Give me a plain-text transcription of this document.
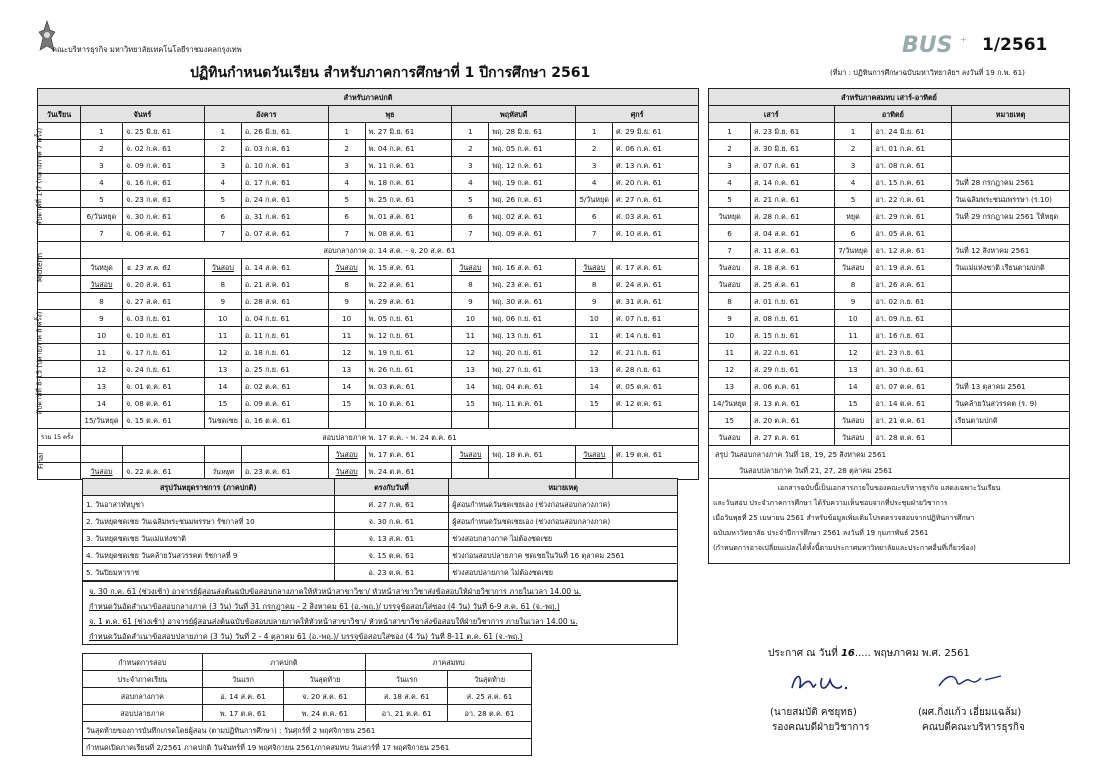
คณะบริหารธุรกิจ มหาวิทยาลัยเทคโนโลยีราชมงคลกรุงเทพ
ปฏิทินกำหนดวันเรียน สำหรับภาคการศึกษาที่ 1 ปีการศึกษา 2561
BUS + 1/2561
(ที่มา : ปฏิทินการศึกษาฉบับมหาวิทยาลัยฯ ลงวันที่ 19 ก.พ. 61)
สำหรับภาคปกติ										
วันเรียน	จันทร์		อังคาร		พุธ		พฤหัสบดี		ศุกร์	
	1	จ. 25 มิ.ย. 61	1	อ. 26 มิ.ย. 61	1	พ. 27 มิ.ย. 61	1	พฤ. 28 มิ.ย. 61	1	ศ. 29 มิ.ย. 61
	2	จ. 02 ก.ค. 61	2	อ. 03 ก.ค. 61	2	พ. 04 ก.ค. 61	2	พฤ. 05 ก.ค. 61	2	ศ. 06 ก.ค. 61
	3	จ. 09 ก.ค. 61	3	อ. 10 ก.ค. 61	3	พ. 11 ก.ค. 61	3	พฤ. 12 ก.ค. 61	3	ศ. 13 ก.ค. 61
	4	จ. 16 ก.ค. 61	4	อ. 17 ก.ค. 61	4	พ. 18 ก.ค. 61	4	พฤ. 19 ก.ค. 61	4	ศ. 20 ก.ค. 61
	5	จ. 23 ก.ค. 61	5	อ. 24 ก.ค. 61	5	พ. 25 ก.ค. 61	5	พฤ. 26 ก.ค. 61	5/วันหยุด	ศ. 27 ก.ค. 61
	6/วันหยุด	จ. 30 ก.ค. 61	6	อ. 31 ก.ค. 61	6	พ. 01 ส.ค. 61	6	พฤ. 02 ส.ค. 61	6	ศ. 03 ส.ค. 61
	7	จ. 06 ส.ค. 61	7	อ. 07 ส.ค. 61	7	พ. 08 ส.ค. 61	7	พฤ. 09 ส.ค. 61	7	ศ. 10 ส.ค. 61
	สอบกลางภาค อ. 14 ส.ค. - จ. 20 ส.ค. 61									
	วันหยุด	จ. 13 ส.ค. 61	วันสอบ	อ. 14 ส.ค. 61	วันสอบ	พ. 15 ส.ค. 61	วันสอบ	พฤ. 16 ส.ค. 61	วันสอบ	ศ. 17 ส.ค. 61
	วันสอบ	จ. 20 ส.ค. 61	8	อ. 21 ส.ค. 61	8	พ. 22 ส.ค. 61	8	พฤ. 23 ส.ค. 61	8	ศ. 24 ส.ค. 61
	8	จ. 27 ส.ค. 61	9	อ. 28 ส.ค. 61	9	พ. 29 ส.ค. 61	9	พฤ. 30 ส.ค. 61	9	ศ. 31 ส.ค. 61
	9	จ. 03 ก.ย. 61	10	อ. 04 ก.ย. 61	10	พ. 05 ก.ย. 61	10	พฤ. 06 ก.ย. 61	10	ศ. 07 ก.ย. 61
	10	จ. 10 ก.ย. 61	11	อ. 11 ก.ย. 61	11	พ. 12 ก.ย. 61	11	พฤ. 13 ก.ย. 61	11	ศ. 14 ก.ย. 61
	11	จ. 17 ก.ย. 61	12	อ. 18 ก.ย. 61	12	พ. 19 ก.ย. 61	12	พฤ. 20 ก.ย. 61	12	ศ. 21 ก.ย. 61
	12	จ. 24 ก.ย. 61	13	อ. 25 ก.ย. 61	13	พ. 26 ก.ย. 61	13	พฤ. 27 ก.ย. 61	13	ศ. 28 ก.ย. 61
	13	จ. 01 ต.ค. 61	14	อ. 02 ต.ค. 61	14	พ. 03 ต.ค. 61	14	พฤ. 04 ต.ค. 61	14	ศ. 05 ต.ค. 61
	14	จ. 08 ต.ค. 61	15	อ. 09 ต.ค. 61	15	พ. 10 ต.ค. 61	15	พฤ. 11 ต.ค. 61	15	ศ. 12 ต.ค. 61
	15/วันหยุด	จ. 15 ต.ค. 61	วันชดเชย	อ. 16 ต.ค. 61						
รวม 15 ครั้ง	สอบปลายภาค พ. 17 ต.ค. - พ. 24 ต.ค. 61									
					วันสอบ	พ. 17 ต.ค. 61	วันสอบ	พฤ. 18 ต.ค. 61	วันสอบ	ศ. 19 ต.ค. 61
	วันสอบ	จ. 22 ต.ค. 61	วันหยุด	อ. 23 ต.ค. 61	วันสอบ	พ. 24 ต.ค. 61				
สัปดาห์ที่ 1-7 (กลางภาค 7 ครั้ง)
Midterm
สัปดาห์ที่ 8-15 (ปลายภาค 8 ครั้ง)
Final
สำหรับภาคสมทบ เสาร์-อาทิตย์				
เสาร์		อาทิตย์		หมายเหตุ
1	ส. 23 มิ.ย. 61	1	อา. 24 มิ.ย. 61	
2	ส. 30 มิ.ย. 61	2	อา. 01 ก.ค. 61	
3	ส. 07 ก.ค. 61	3	อา. 08 ก.ค. 61	
4	ส. 14 ก.ค. 61	4	อา. 15 ก.ค. 61	วันที่ 28 กรกฎาคม 2561
5	ส. 21 ก.ค. 61	5	อา. 22 ก.ค. 61	วันเฉลิมพระชนมพรรษา (ร.10)
วันหยุด	ส. 28 ก.ค. 61	หยุด	อา. 29 ก.ค. 61	วันที่ 29 กรกฎาคม 2561 ให้หยุด
6	ส. 04 ส.ค. 61	6	อา. 05 ส.ค. 61	
7	ส. 11 ส.ค. 61	7/วันหยุด	อา. 12 ส.ค. 61	วันที่ 12 สิงหาคม 2561
วันสอบ	ส. 18 ส.ค. 61	วันสอบ	อา. 19 ส.ค. 61	วันแม่แห่งชาติ เรียนตามปกติ
วันสอบ	ส. 25 ส.ค. 61	8	อา. 26 ส.ค. 61	
8	ส. 01 ก.ย. 61	9	อา. 02 ก.ย. 61	
9	ส. 08 ก.ย. 61	10	อา. 09 ก.ย. 61	
10	ส. 15 ก.ย. 61	11	อา. 16 ก.ย. 61	
11	ส. 22 ก.ย. 61	12	อา. 23 ก.ย. 61	
12	ส. 29 ก.ย. 61	13	อา. 30 ก.ย. 61	
13	ส. 06 ต.ค. 61	14	อา. 07 ต.ค. 61	วันที่ 13 ตุลาคม 2561
14/วันหยุด	ส. 13 ต.ค. 61	15	อา. 14 ต.ค. 61	วันคล้ายวันสวรรคต (ร. 9)
15	ส. 20 ต.ค. 61	วันสอบ	อา. 21 ต.ค. 61	เรียนตามปกติ
วันสอบ	ส. 27 ต.ค. 61	วันสอบ	อา. 28 ต.ค. 61	
สรุป วันสอบกลางภาค วันที่ 18, 19, 25 สิงหาคม 2561				
วันสอบปลายภาค วันที่ 21, 27, 28 ตุลาคม 2561				
สรุปวันหยุดราชการ (ภาคปกติ)	ตรงกับวันที่	หมายเหตุ
1. วันอาสาฬหบูชา	ศ. 27 ก.ค. 61	ผู้สอนกำหนดวันชดเชยเอง (ช่วงก่อนสอบกลางภาค)
2. วันหยุดชดเชย วันเฉลิมพระชนมพรรษา รัชกาลที่ 10	จ. 30 ก.ค. 61	ผู้สอนกำหนดวันชดเชยเอง (ช่วงก่อนสอบกลางภาค)
3. วันหยุดชดเชย วันแม่แห่งชาติ	จ. 13 ส.ค. 61	ช่วงสอบกลางภาค ไม่ต้องชดเชย
4. วันหยุดชดเชย วันคล้ายวันสวรรคต รัชกาลที่ 9	จ. 15 ต.ค. 61	ช่วงก่อนสอบปลายภาค ชดเชยในวันที่ 16 ตุลาคม 2561
5. วันปิยมหาราช	อ. 23 ต.ค. 61	ช่วงสอบปลายภาค ไม่ต้องชดเชย
เอกสารฉบับนี้เป็นเอกสารภายในของคณะบริหารธุรกิจ แสดงเฉพาะวันเรียน
และวันสอบ ประจำภาคการศึกษา ได้รับความเห็นชอบจากที่ประชุมฝ่ายวิชาการ
เมื่อวันพุธที่ 25 เมษายน 2561 สำหรับข้อมูลเพิ่มเติมโปรดตรวจสอบจากปฏิทินการศึกษา
ฉบับมหาวิทยาลัย ประจำปีการศึกษา 2561 ลงวันที่ 19 กุมภาพันธ์ 2561
(กำหนดการอาจเปลี่ยนแปลงได้ทั้งนี้ตามประกาศมหาวิทยาลัยและประกาศอื่นที่เกี่ยวข้อง)
จ. 30 ก.ค. 61 (ช่วงเช้า) อาจารย์ผู้สอนส่งต้นฉบับข้อสอบกลางภาคให้หัวหน้าสาขาวิชา/ หัวหน้าสาขาวิชาส่งข้อสอบให้ฝ่ายวิชาการ ภายในเวลา 14.00 น.
กำหนดวันอัดสำเนาข้อสอบกลางภาค (3 วัน) วันที่ 31 กรกฎาคม - 2 สิงหาคม 61 (อ.-พฤ.)/ บรรจุข้อสอบใส่ซอง (4 วัน) วันที่ 6-9 ส.ค. 61 (จ.-พฤ.)
จ. 1 ต.ค. 61 (ช่วงเช้า) อาจารย์ผู้สอนส่งต้นฉบับข้อสอบปลายภาคให้หัวหน้าสาขาวิชา/ หัวหน้าสาขาวิชาส่งข้อสอบให้ฝ่ายวิชาการ ภายในเวลา 14.00 น.
กำหนดวันอัดสำเนาข้อสอบปลายภาค (3 วัน) วันที่ 2 - 4 ตุลาคม 61 (อ.-พฤ.)/ บรรจุข้อสอบใส่ซอง (4 วัน) วันที่ 8-11 ต.ค. 61 (จ.-พฤ.)
กำหนดการสอบ	ภาคปกติ		ภาคสมทบ	
ประจำภาคเรียน	วันแรก	วันสุดท้าย	วันแรก	วันสุดท้าย
สอบกลางภาค	อ. 14 ส.ค. 61	จ. 20 ส.ค. 61	ส. 18 ส.ค. 61	ส. 25 ส.ค. 61
สอบปลายภาค	พ. 17 ต.ค. 61	พ. 24 ต.ค. 61	อา. 21 ต.ค. 61	อา. 28 ต.ค. 61
วันสุดท้ายของการบันทึกเกรดโดยผู้สอน (ตามปฏิทินการศึกษา) : วันศุกร์ที่ 2 พฤศจิกายน 2561				
กำหนดเปิดภาคเรียนที่ 2/2561 ภาคปกติ วันจันทร์ที่ 19 พฤศจิกายน 2561/ภาคสมทบ วันเสาร์ที่ 17 พฤศจิกายน 2561				
ประกาศ ณ วันที่ 16..... พฤษภาคม พ.ศ. 2561
(นายสมบัติ คชยุทธ)
รองคณบดีฝ่ายวิชาการ
(ผศ.กิ่งแก้ว เอี่ยมแฉล้ม)
คณบดีคณะบริหารธุรกิจ
